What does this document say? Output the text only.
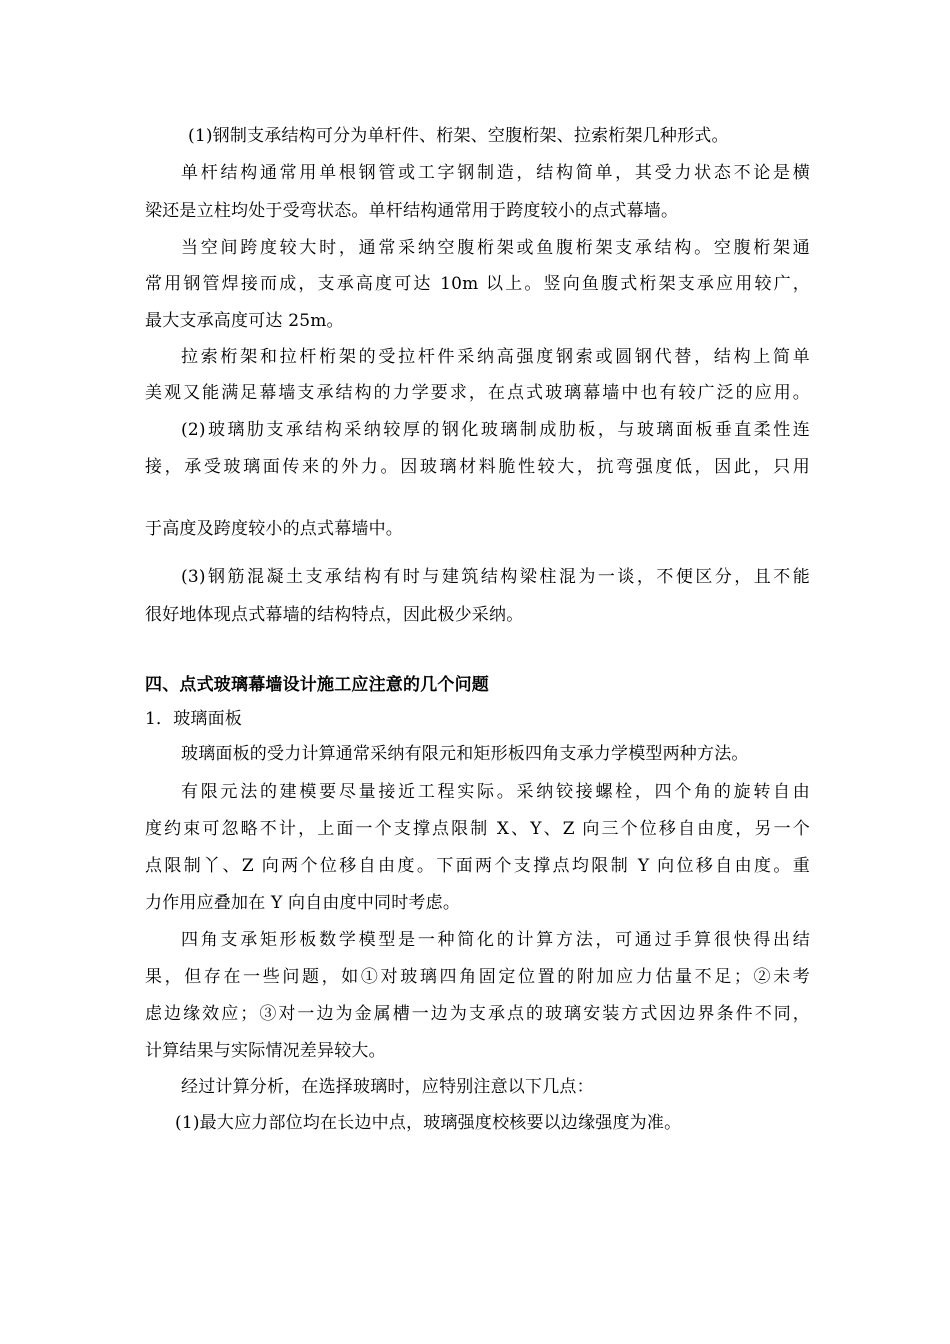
(1)钢制支承结构可分为单杆件、桁架、空腹桁架、拉索桁架几种形式。
单杆结构通常用单根钢管或工字钢制造，结构简单，其受力状态不论是横
梁还是立柱均处于受弯状态。单杆结构通常用于跨度较小的点式幕墙。
当空间跨度较大时，通常采纳空腹桁架或鱼腹桁架支承结构。空腹桁架通
常用钢管焊接而成，支承高度可达 10m 以上。竖向鱼腹式桁架支承应用较广，
最大支承高度可达 25m。
拉索桁架和拉杆桁架的受拉杆件采纳高强度钢索或圆钢代替，结构上简单
美观又能满足幕墙支承结构的力学要求，在点式玻璃幕墙中也有较广泛的应用。
(2)玻璃肋支承结构采纳较厚的钢化玻璃制成肋板，与玻璃面板垂直柔性连
接，承受玻璃面传来的外力。因玻璃材料脆性较大，抗弯强度低，因此，只用
于高度及跨度较小的点式幕墙中。
(3)钢筋混凝土支承结构有时与建筑结构梁柱混为一谈，不便区分，且不能
很好地体现点式幕墙的结构特点，因此极少采纳。
四、点式玻璃幕墙设计施工应注意的几个问题
1．玻璃面板
玻璃面板的受力计算通常采纳有限元和矩形板四角支承力学模型两种方法。
有限元法的建模要尽量接近工程实际。采纳铰接螺栓，四个角的旋转自由
度约束可忽略不计，上面一个支撑点限制 X、Y、Z 向三个位移自由度，另一个
点限制丫、Z 向两个位移自由度。下面两个支撑点均限制 Y 向位移自由度。重
力作用应叠加在 Y 向自由度中同时考虑。
四角支承矩形板数学模型是一种简化的计算方法，可通过手算很快得出结
果，但存在一些问题，如①对玻璃四角固定位置的附加应力估量不足；②未考
虑边缘效应；③对一边为金属槽一边为支承点的玻璃安装方式因边界条件不同，
计算结果与实际情况差异较大。
经过计算分析，在选择玻璃时，应特别注意以下几点：
(1)最大应力部位均在长边中点，玻璃强度校核要以边缘强度为准。
